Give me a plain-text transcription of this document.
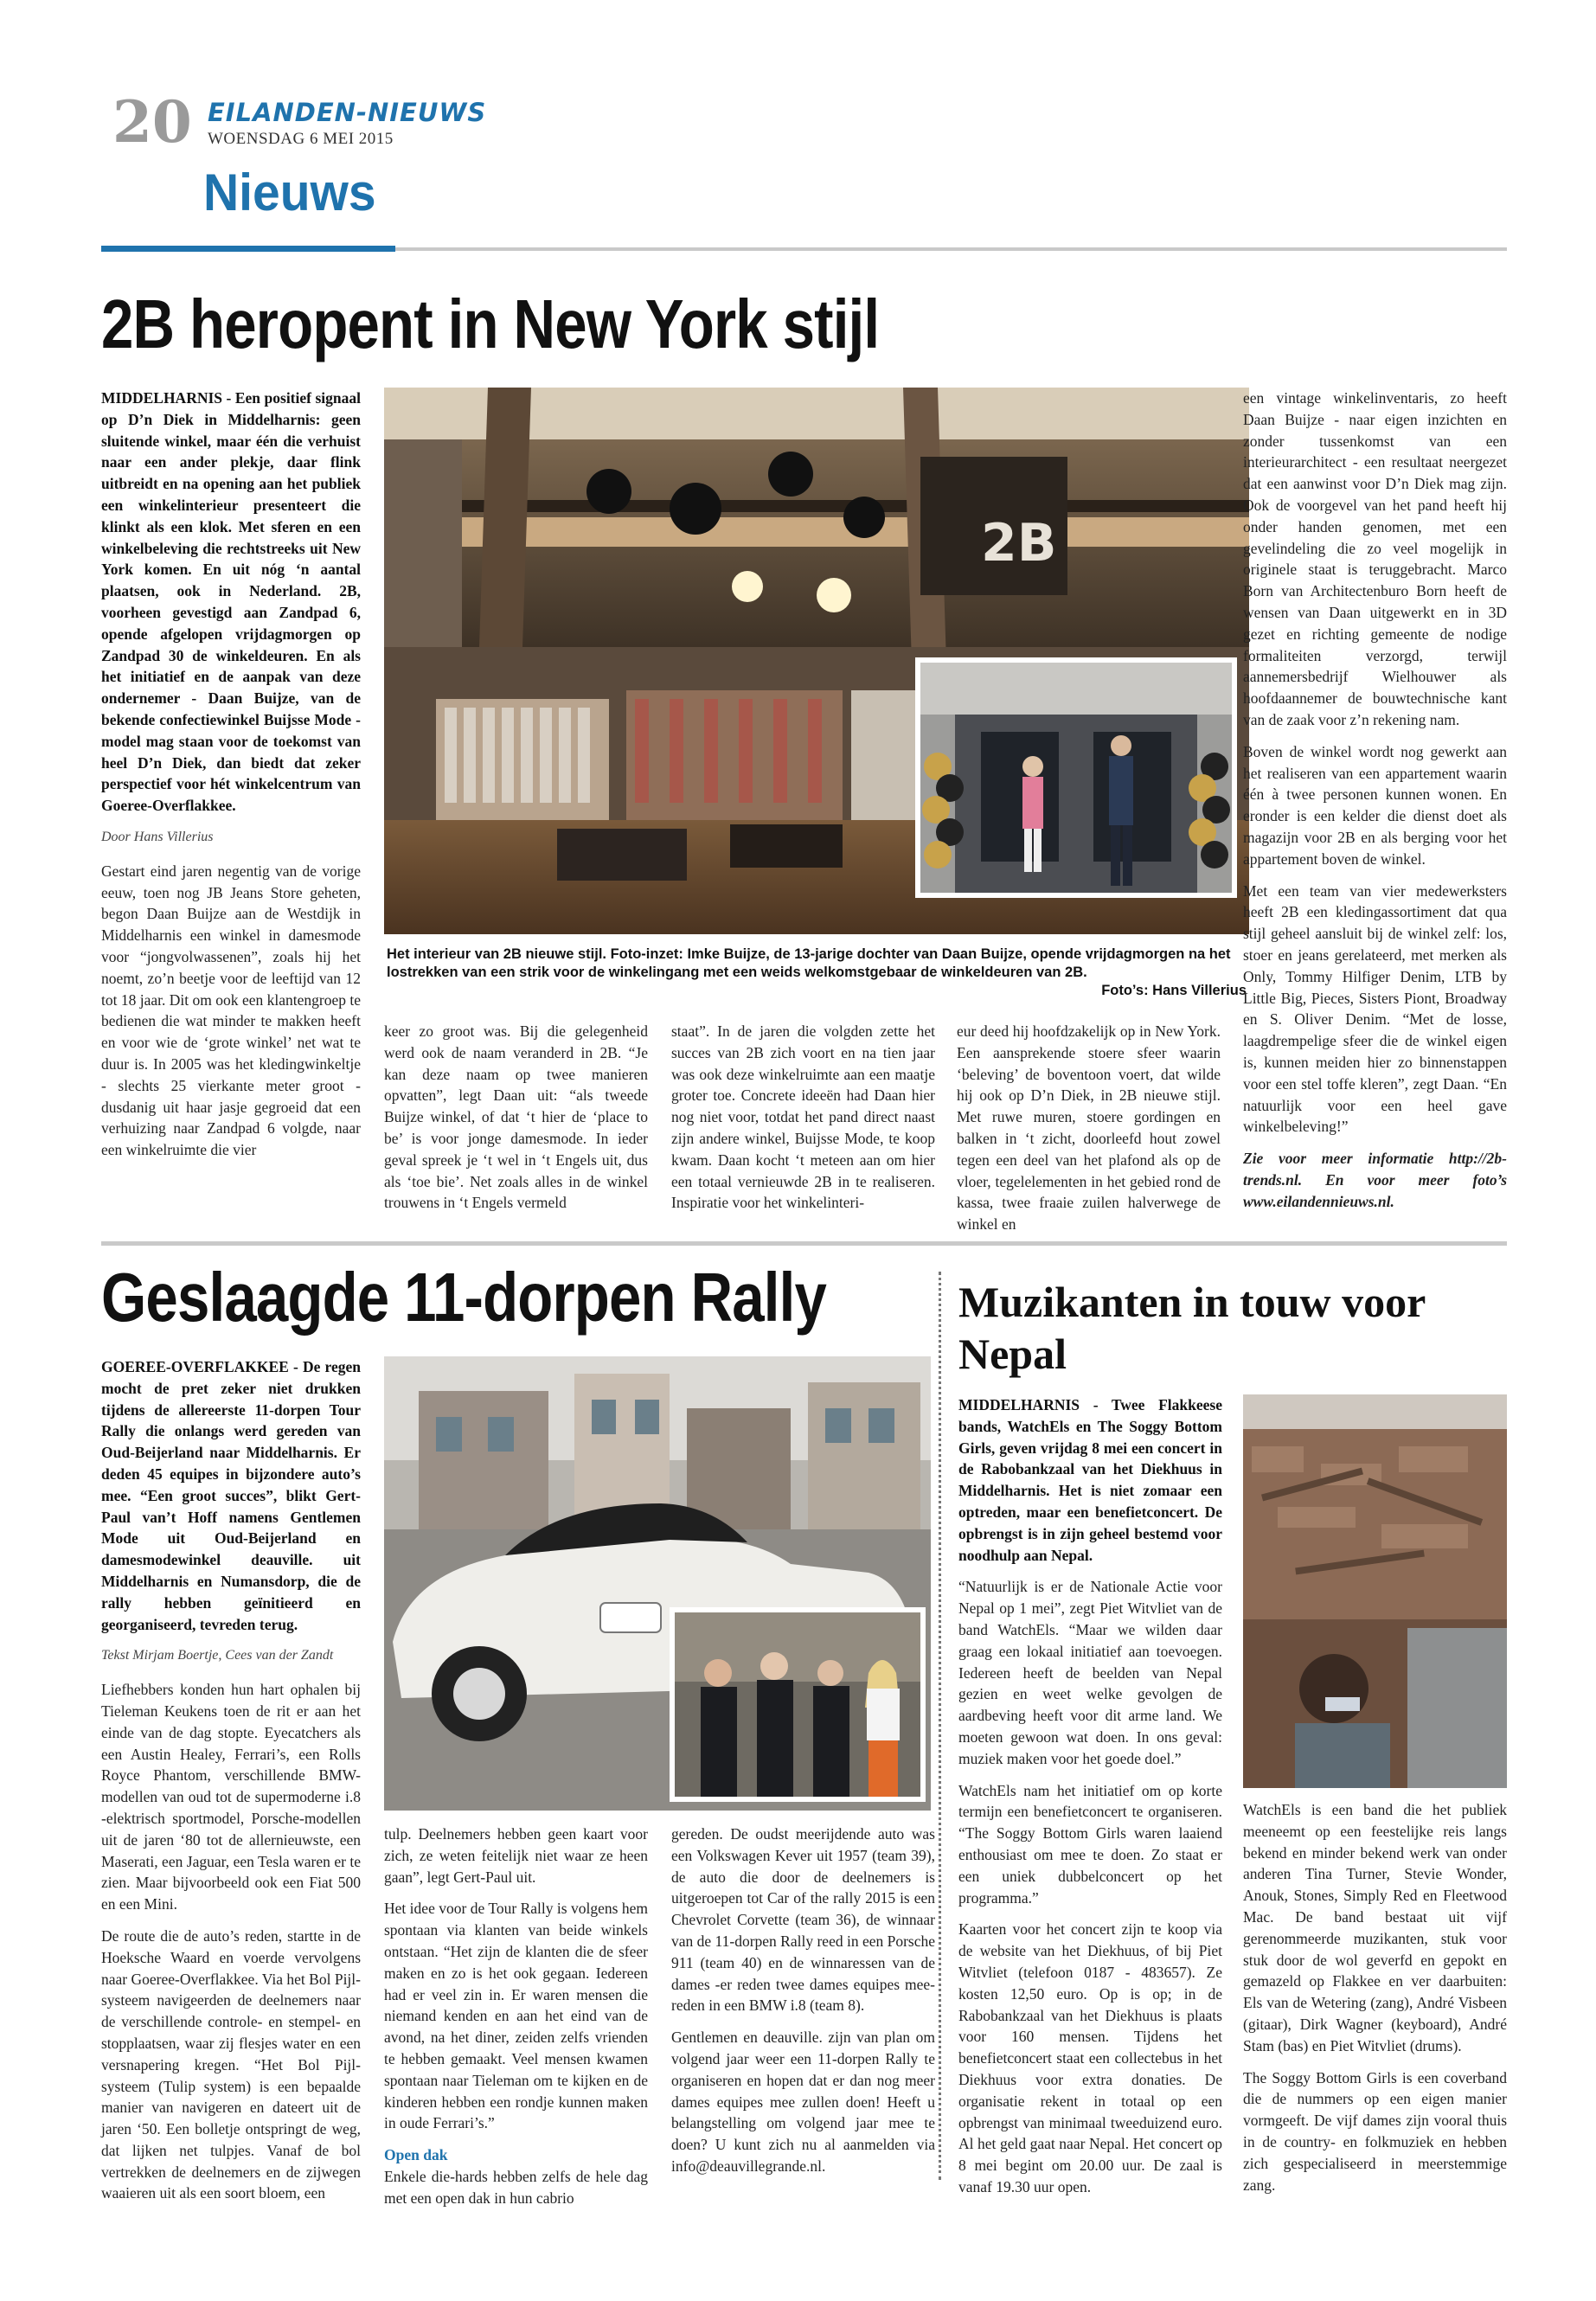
20 EILANDEN-NIEUWS
WOENSDAG 6 MEI 2015
Nieuws
2B heropent in New York stijl

MIDDELHARNIS - Een positief signaal op D’n Diek in Middelharnis: geen sluitende winkel, maar één die verhuist naar een ander plekje, daar flink uitbreidt en na opening aan het publiek een winkelinterieur presenteert die klinkt als een klok. Met sferen en een winkelbeleving die rechtstreeks uit New York komen. En uit nóg ‘n aantal plaatsen, ook in Nederland. 2B, voorheen gevestigd aan Zandpad 6, opende afgelopen vrijdagmorgen op Zandpad 30 de winkeldeuren. En als het initiatief en de aanpak van deze ondernemer - Daan Buijze, van de bekende confectiewinkel Buijsse Mode - model mag staan voor de toekomst van heel D’n Diek, dan biedt dat zeker perspectief voor hét winkelcentrum van Goeree-Overflakkee.

Door Hans Villerius

Gestart eind jaren negentig van de vorige eeuw, toen nog JB Jeans Store geheten, begon Daan Buijze aan de Westdijk in Middelharnis een winkel in damesmode voor “jongvolwassenen”, zoals hij het noemt, zo’n beetje voor de leeftijd van 12 tot 18 jaar. Dit om ook een klantengroep te bedienen die wat minder te makken heeft en voor wie de ‘grote winkel’ net wat te duur is. In 2005 was het kledingwinkeltje - slechts 25 vierkante meter groot - dusdanig uit haar jasje gegroeid dat een verhuizing naar Zandpad 6 volgde, naar een winkelruimte die vier

2B
Het interieur van 2B nieuwe stijl. Foto-inzet: Imke Buijze, de 13-jarige dochter van Daan Buijze, opende vrijdagmorgen na het lostrekken van een strik voor de winkelingang met een weids welkomstgebaar de winkeldeuren van 2B.
Foto’s: Hans Villerius

keer zo groot was. Bij die gelegenheid werd ook de naam veranderd in 2B. “Je kan deze naam op twee manieren opvatten”, legt Daan uit: “als tweede Buijze winkel, of dat ‘t hier de ‘place to be’ is voor jonge damesmode. In ieder geval spreek je ‘t wel in ‘t Engels uit, dus als ‘toe bie’. Net zoals alles in de winkel trouwens in ‘t Engels vermeld

staat”. In de jaren die volgden zette het succes van 2B zich voort en na tien jaar was ook deze winkelruimte aan een maatje groter toe. Concrete ideeën had Daan hier nog niet voor, totdat het pand direct naast zijn andere winkel, Buijsse Mode, te koop kwam. Daan kocht ‘t meteen aan om hier een totaal vernieuwde 2B in te realiseren. Inspiratie voor het winkelinteri-

eur deed hij hoofdzakelijk op in New York. Een aansprekende stoere sfeer waarin ‘beleving’ de boventoon voert, dat wilde hij ook op D’n Diek, in 2B nieuwe stijl. Met ruwe muren, stoere gordingen en balken in ‘t zicht, doorleefd hout zowel tegen een deel van het plafond als op de vloer, tegelelementen in het gebied rond de kassa, twee fraaie zuilen halverwege de winkel en

een vintage winkelinventaris, zo heeft Daan Buijze - naar eigen inzichten en zonder tussenkomst van een interieurarchitect - een resultaat neergezet dat een aanwinst voor D’n Diek mag zijn. Ook de voorgevel van het pand heeft hij onder handen genomen, met een gevelindeling die zo veel mogelijk in originele staat is teruggebracht. Marco Born van Architectenburo Born heeft de wensen van Daan uitgewerkt en in 3D gezet en richting gemeente de nodige formaliteiten verzorgd, terwijl aannemersbedrijf Wielhouwer als hoofdaannemer de bouwtechnische kant van de zaak voor z’n rekening nam.

Boven de winkel wordt nog gewerkt aan het realiseren van een appartement waarin één à twee personen kunnen wonen. En eronder is een kelder die dienst doet als magazijn voor 2B en als berging voor het appartement boven de winkel.

Met een team van vier medewerksters heeft 2B een kledingassortiment dat qua stijl geheel aansluit bij de winkel zelf: los, stoer en jeans gerelateerd, met merken als Only, Tommy Hilfiger Denim, LTB by Little Big, Pieces, Sisters Piont, Broadway en S. Oliver Denim. “Met de losse, laagdrempelige sfeer die de winkel eigen is, kunnen meiden hier zo binnenstappen voor een stel toffe kleren”, zegt Daan. “En natuurlijk voor een heel gave winkelbeleving!”

Zie voor meer informatie http://2b-trends.nl. En voor meer foto’s www.eilandennieuws.nl.

Geslaagde 11-dorpen Rally

GOEREE-OVERFLAKKEE - De regen mocht de pret zeker niet drukken tijdens de allereerste 11-dorpen Tour Rally die onlangs werd gereden van Oud-Beijerland naar Middelharnis. Er deden 45 equipes in bijzondere auto’s mee. “Een groot succes”, blikt Gert-Paul van’t Hoff namens Gentlemen Mode uit Oud-Beijerland en damesmodewinkel deauville. uit Middelharnis en Numansdorp, die de rally hebben geïnitieerd en georganiseerd, tevreden terug.

Tekst Mirjam Boertje, Cees van der Zandt

Liefhebbers konden hun hart ophalen bij Tieleman Keukens toen de rit er aan het einde van de dag stopte. Eyecatchers als een Austin Healey, Ferrari’s, een Rolls Royce Phantom, verschillende BMW-modellen van oud tot de supermoderne i.8 -elektrisch sportmodel, Porsche-modellen uit de jaren ‘80 tot de allernieuwste, een Maserati, een Jaguar, een Tesla waren er te zien. Maar bijvoorbeeld ook een Fiat 500 en een Mini.

De route die de auto’s reden, startte in de Hoeksche Waard en voerde vervolgens naar Goeree-Overflakkee. Via het Bol Pijl-systeem navigeerden de deelnemers naar de verschillende controle- en stempel- en stopplaatsen, waar zij flesjes water en een versnapering kregen. “Het Bol Pijl-systeem (Tulip system) is een bepaalde manier van navigeren en dateert uit de jaren ‘50. Een bolletje ontspringt de weg, dat lijken net tulpjes. Vanaf de bol vertrekken de deelnemers en de zijwegen waaieren uit als een soort bloem, een

tulp. Deelnemers hebben geen kaart voor zich, ze weten feitelijk niet waar ze heen gaan”, legt Gert-Paul uit.

Het idee voor de Tour Rally is volgens hem spontaan via klanten van beide winkels ontstaan. “Het zijn de klanten die de sfeer maken en zo is het ook gegaan. Iedereen had er veel zin in. Er waren mensen die niemand kenden en aan het eind van de avond, na het diner, zeiden zelfs vrienden te hebben gemaakt. Veel mensen kwamen spontaan naar Tieleman om te kijken en de kinderen hebben een rondje kunnen maken in oude Ferrari’s.”

Open dak

Enkele die-hards hebben zelfs de hele dag met een open dak in hun cabrio

gereden. De oudst meerijdende auto was een Volkswagen Kever uit 1957 (team 39), de auto die door de deelnemers is uitgeroepen tot Car of the rally 2015 is een Chevrolet Corvette (team 36), de winnaar van de 11-dorpen Rally reed in een Porsche 911 (team 40) en de winnaressen van de dames -er reden twee dames equipes mee- reden in een BMW i.8 (team 8).

Gentlemen en deauville. zijn van plan om volgend jaar weer een 11-dorpen Rally te organiseren en hopen dat er dan nog meer dames equipes mee zullen doen! Heeft u belangstelling om volgend jaar mee te doen? U kunt zich nu al aanmelden via info@deauvillegrande.nl.

Muzikanten in touw voor Nepal

MIDDELHARNIS - Twee Flakkeese bands, WatchEls en The Soggy Bottom Girls, geven vrijdag 8 mei een concert in de Rabobankzaal van het Diekhuus in Middelharnis. Het is niet zomaar een optreden, maar een benefietconcert. De opbrengst is in zijn geheel bestemd voor noodhulp aan Nepal.

“Natuurlijk is er de Nationale Actie voor Nepal op 1 mei”, zegt Piet Witvliet van de band WatchEls. “Maar we wilden daar graag een lokaal initiatief aan toevoegen. Iedereen heeft de beelden van Nepal gezien en weet welke gevolgen de aardbeving heeft voor dit arme land. We moeten gewoon wat doen. In ons geval: muziek maken voor het goede doel.”

WatchEls nam het initiatief om op korte termijn een benefietconcert te organiseren. “The Soggy Bottom Girls waren laaiend enthousiast om mee te doen. Zo staat er een uniek dubbelconcert op het programma.”

Kaarten voor het concert zijn te koop via de website van het Diekhuus, of bij Piet Witvliet (telefoon 0187 - 483657). Ze kosten 12,50 euro. Op is op; in de Rabobankzaal van het Diekhuus is plaats voor 160 mensen. Tijdens het benefietconcert staat een collectebus in het Diekhuus voor extra donaties. De organisatie rekent in totaal op een opbrengst van minimaal tweeduizend euro. Al het geld gaat naar Nepal. Het concert op 8 mei begint om 20.00 uur. De zaal is vanaf 19.30 uur open.

WatchEls is een band die het publiek meeneemt op een feestelijke reis langs bekend en minder bekend werk van onder anderen Tina Turner, Stevie Wonder, Anouk, Stones, Simply Red en Fleetwood Mac. De band bestaat uit vijf gerenommeerde muzikanten, stuk voor stuk door de wol geverfd en gepokt en gemazeld op Flakkee en ver daarbuiten: Els van de Wetering (zang), André Visbeen (gitaar), Dirk Wagner (keyboard), André Stam (bas) en Piet Witvliet (drums).

The Soggy Bottom Girls is een coverband die de nummers op een eigen manier vormgeeft. De vijf dames zijn vooral thuis in de country- en folkmuziek en hebben zich gespecialiseerd in meerstemmige zang.
